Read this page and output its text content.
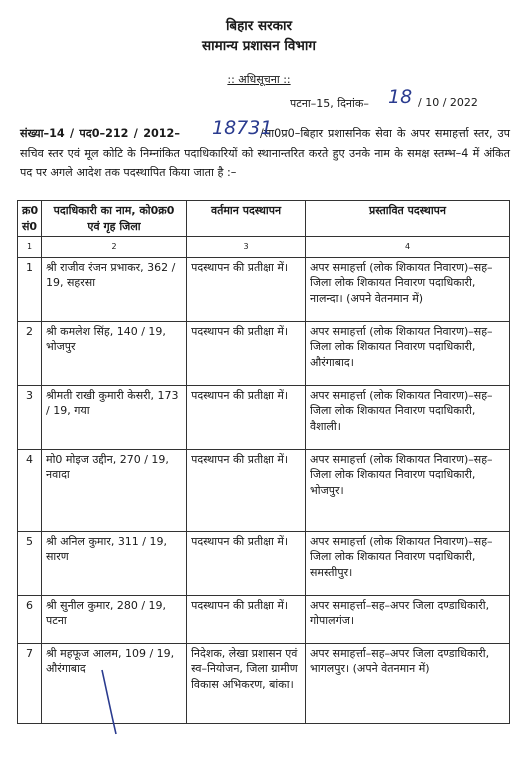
बिहार सरकार
सामान्य प्रशासन विभाग
:: अधिसूचना ::
पटना–15, दिनांक– 18 / 10 / 2022
संख्या–14 / पद0–212 / 2012–	/सा0प्र0–बिहार प्रशासनिक सेवा के अपर समाहर्त्ता स्तर, उप सचिव स्तर एवं मूल कोटि के निम्नांकित पदाधिकारियों को स्थानान्तरित करते हुए उनके नाम के समक्ष स्तम्भ–4 में अंकित पद पर अगले आदेश तक पदस्थापित किया जाता है :–
18731
क्र0 सं0	पदाधिकारी का नाम, को0क्र0 एवं गृह जिला	वर्तमान पदस्थापन	प्रस्तावित पदस्थापन
1	2	3	4
1	श्री राजीव रंजन प्रभाकर, 362 / 19, सहरसा	पदस्थापन की प्रतीक्षा में।	अपर समाहर्त्ता (लोक शिकायत निवारण)–सह–जिला लोक शिकायत निवारण पदाधिकारी, नालन्दा। (अपने वेतनमान में)
2	श्री कमलेश सिंह, 140 / 19, भोजपुर	पदस्थापन की प्रतीक्षा में।	अपर समाहर्त्ता (लोक शिकायत निवारण)–सह–जिला लोक शिकायत निवारण पदाधिकारी, औरंगाबाद।
3	श्रीमती राखी कुमारी केसरी, 173 / 19, गया	पदस्थापन की प्रतीक्षा में।	अपर समाहर्त्ता (लोक शिकायत निवारण)–सह–जिला लोक शिकायत निवारण पदाधिकारी, वैशाली।
4	मो0 मोइज उद्दीन, 270 / 19, नवादा	पदस्थापन की प्रतीक्षा में।	अपर समाहर्त्ता (लोक शिकायत निवारण)–सह–जिला लोक शिकायत निवारण पदाधिकारी, भोजपुर।
5	श्री अनिल कुमार, 311 / 19, सारण	पदस्थापन की प्रतीक्षा में।	अपर समाहर्त्ता (लोक शिकायत निवारण)–सह–जिला लोक शिकायत निवारण पदाधिकारी, समस्तीपुर।
6	श्री सुनील कुमार, 280 / 19, पटना	पदस्थापन की प्रतीक्षा में।	अपर समाहर्त्ता–सह–अपर जिला दण्डाधिकारी, गोपालगंज।
7	श्री महफूज आलम, 109 / 19, औरंगाबाद	निदेशक, लेखा प्रशासन एवं स्व–नियोजन, जिला ग्रामीण विकास अभिकरण, बांका।	अपर समाहर्त्ता–सह–अपर जिला दण्डाधिकारी, भागलपुर। (अपने वेतनमान में)
